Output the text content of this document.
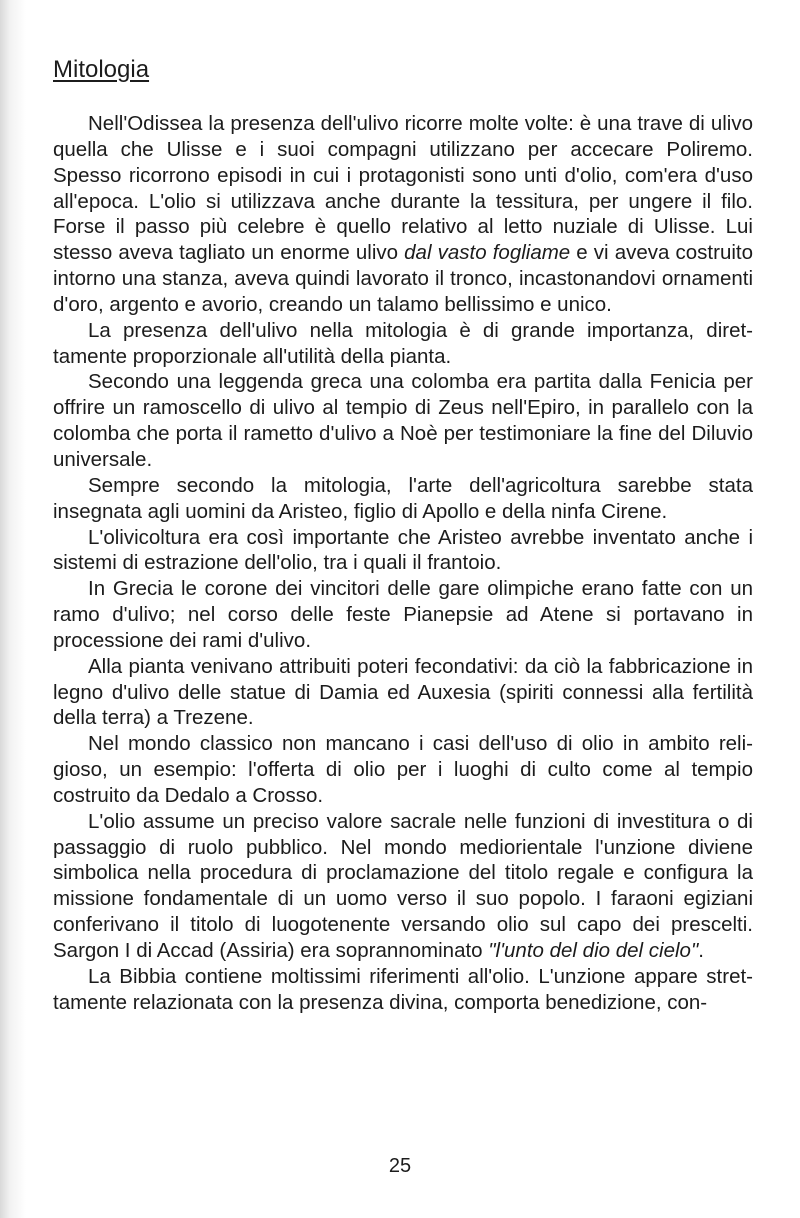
Mitologia

Nell'Odissea la presenza dell'ulivo ricorre molte volte: è una trave di ulivo quella che Ulisse e i suoi compagni utilizzano per accecare Poliremo. Spesso ricorrono episodi in cui i protagonisti sono unti d'olio, com'era d'uso all'epoca. L'olio si utilizzava anche durante la tessitura, per ungere il filo. Forse il passo più celebre è quello relativo al letto nuziale di Ulisse. Lui stesso aveva tagliato un enorme ulivo dal vasto fogliame e vi aveva costruito intorno una stanza, aveva quindi lavorato il tronco, incastonandovi ornamenti d'oro, argento e avorio, creando un talamo bellissimo e unico.

La presenza dell'ulivo nella mitologia è di grande importanza, direttamente proporzionale all'utilità della pianta.

Secondo una leggenda greca una colomba era partita dalla Fenicia per offrire un ramoscello di ulivo al tempio di Zeus nell'Epiro, in parallelo con la colomba che porta il rametto d'ulivo a Noè per testimoniare la fine del Diluvio universale.

Sempre secondo la mitologia, l'arte dell'agricoltura sarebbe stata insegnata agli uomini da Aristeo, figlio di Apollo e della ninfa Cirene.

L'olivicoltura era così importante che Aristeo avrebbe inventato anche i sistemi di estrazione dell'olio, tra i quali il frantoio.

In Grecia le corone dei vincitori delle gare olimpiche erano fatte con un ramo d'ulivo; nel corso delle feste Pianepsie ad Atene si portavano in processione dei rami d'ulivo.

Alla pianta venivano attribuiti poteri fecondativi: da ciò la fabbricazione in legno d'ulivo delle statue di Damia ed Auxesia (spiriti connessi alla fertilità della terra) a Trezene.

Nel mondo classico non mancano i casi dell'uso di olio in ambito religioso, un esempio: l'offerta di olio per i luoghi di culto come al tempio costruito da Dedalo a Crosso.

L'olio assume un preciso valore sacrale nelle funzioni di investitura o di passaggio di ruolo pubblico. Nel mondo mediorientale l'unzione diviene simbolica nella procedura di proclamazione del titolo regale e configura la missione fondamentale di un uomo verso il suo popolo. I faraoni egiziani conferivano il titolo di luogotenente versando olio sul capo dei prescelti. Sargon I di Accad (Assiria) era soprannominato "l'unto del dio del cielo".

La Bibbia contiene moltissimi riferimenti all'olio. L'unzione appare strettamente relazionata con la presenza divina, comporta benedizione, con-

25
